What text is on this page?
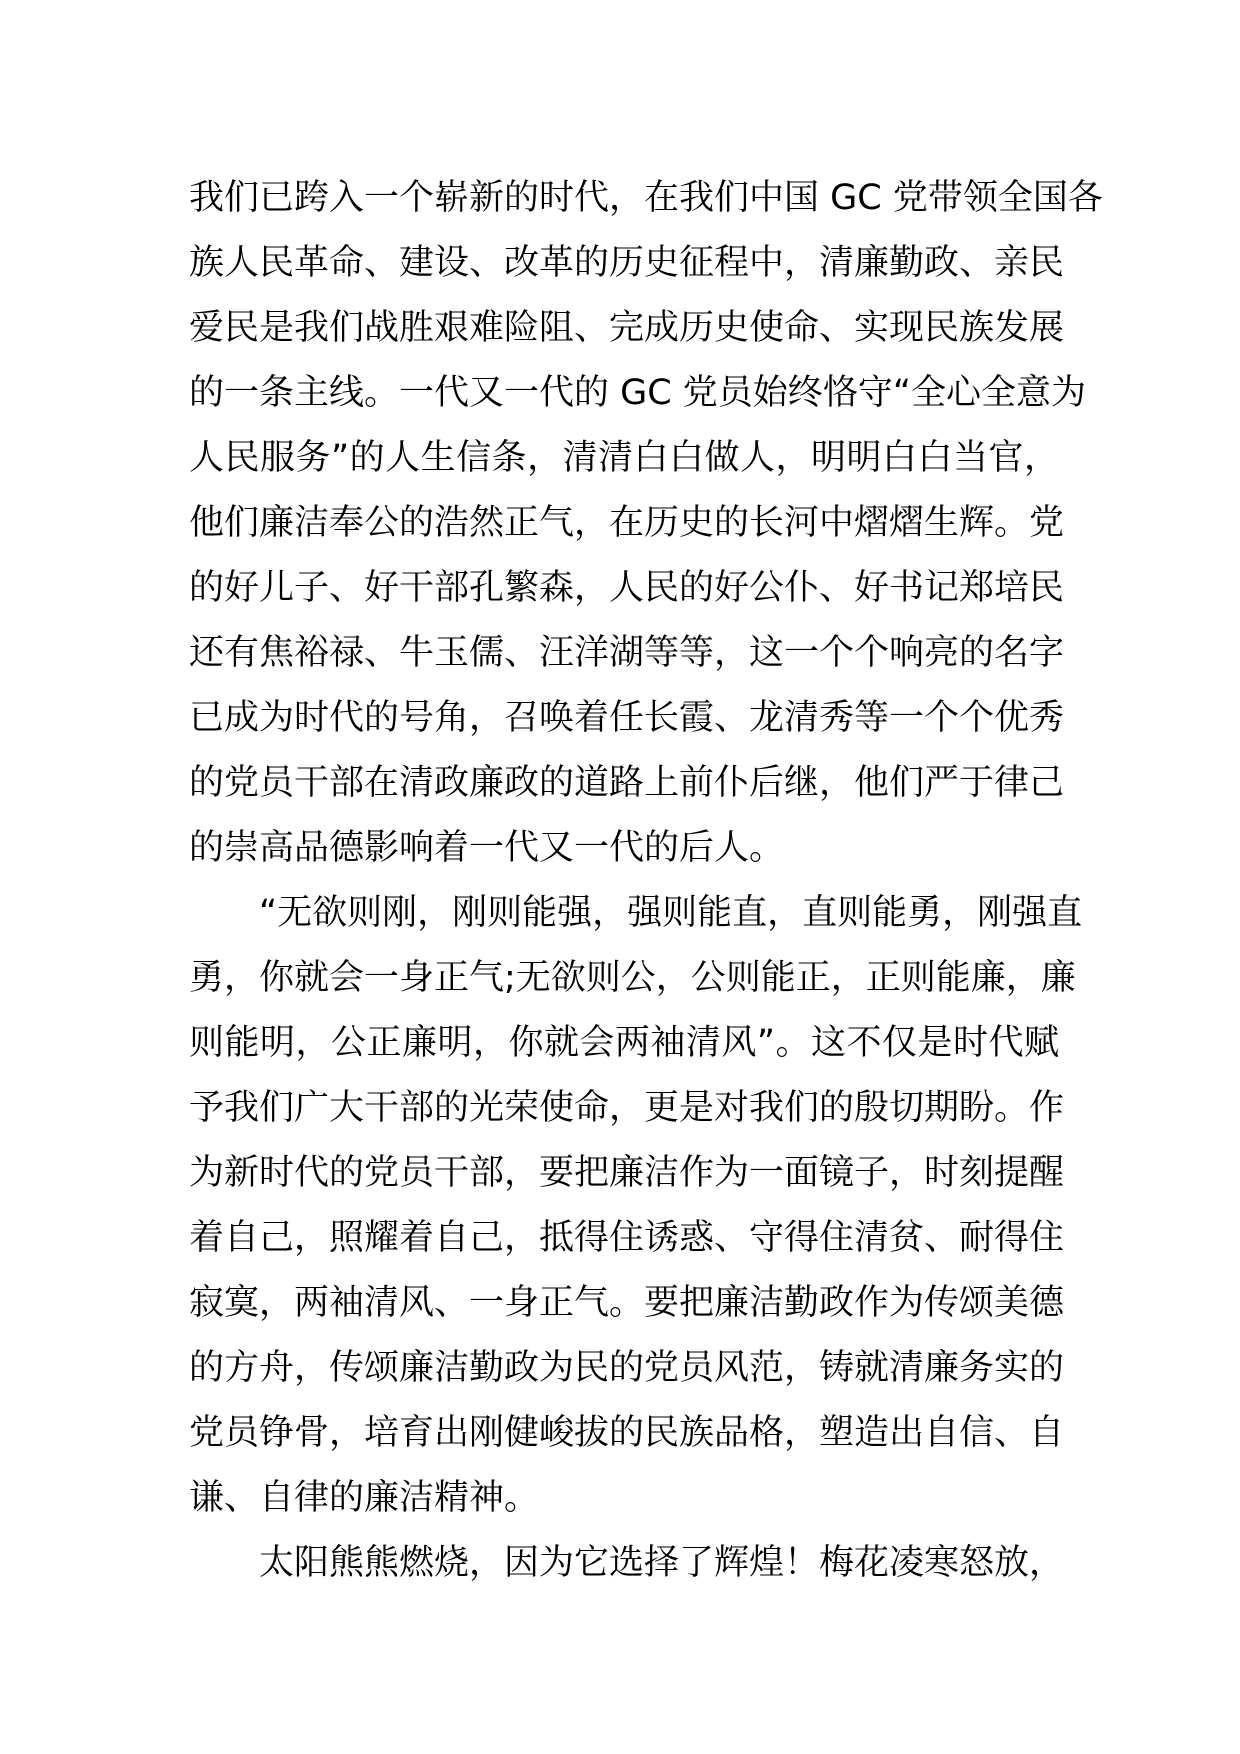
我们已跨入一个崭新的时代，在我们中国 GC 党带领全国各
族人民革命、建设、改革的历史征程中，清廉勤政、亲民
爱民是我们战胜艰难险阻、完成历史使命、实现民族发展
的一条主线。一代又一代的 GC 党员始终恪守“全心全意为
人民服务”的人生信条，清清白白做人，明明白白当官，
他们廉洁奉公的浩然正气，在历史的长河中熠熠生辉。党
的好儿子、好干部孔繁森，人民的好公仆、好书记郑培民
还有焦裕禄、牛玉儒、汪洋湖等等，这一个个响亮的名字
已成为时代的号角，召唤着任长霞、龙清秀等一个个优秀
的党员干部在清政廉政的道路上前仆后继，他们严于律己
的崇高品德影响着一代又一代的后人。
“无欲则刚，刚则能强，强则能直，直则能勇，刚强直
勇，你就会一身正气;无欲则公，公则能正，正则能廉，廉
则能明，公正廉明，你就会两袖清风”。这不仅是时代赋
予我们广大干部的光荣使命，更是对我们的殷切期盼。作
为新时代的党员干部，要把廉洁作为一面镜子，时刻提醒
着自己，照耀着自己，抵得住诱惑、守得住清贫、耐得住
寂寞，两袖清风、一身正气。要把廉洁勤政作为传颂美德
的方舟，传颂廉洁勤政为民的党员风范，铸就清廉务实的
党员铮骨，培育出刚健峻拔的民族品格，塑造出自信、自
谦、自律的廉洁精神。
太阳熊熊燃烧，因为它选择了辉煌！梅花凌寒怒放，
